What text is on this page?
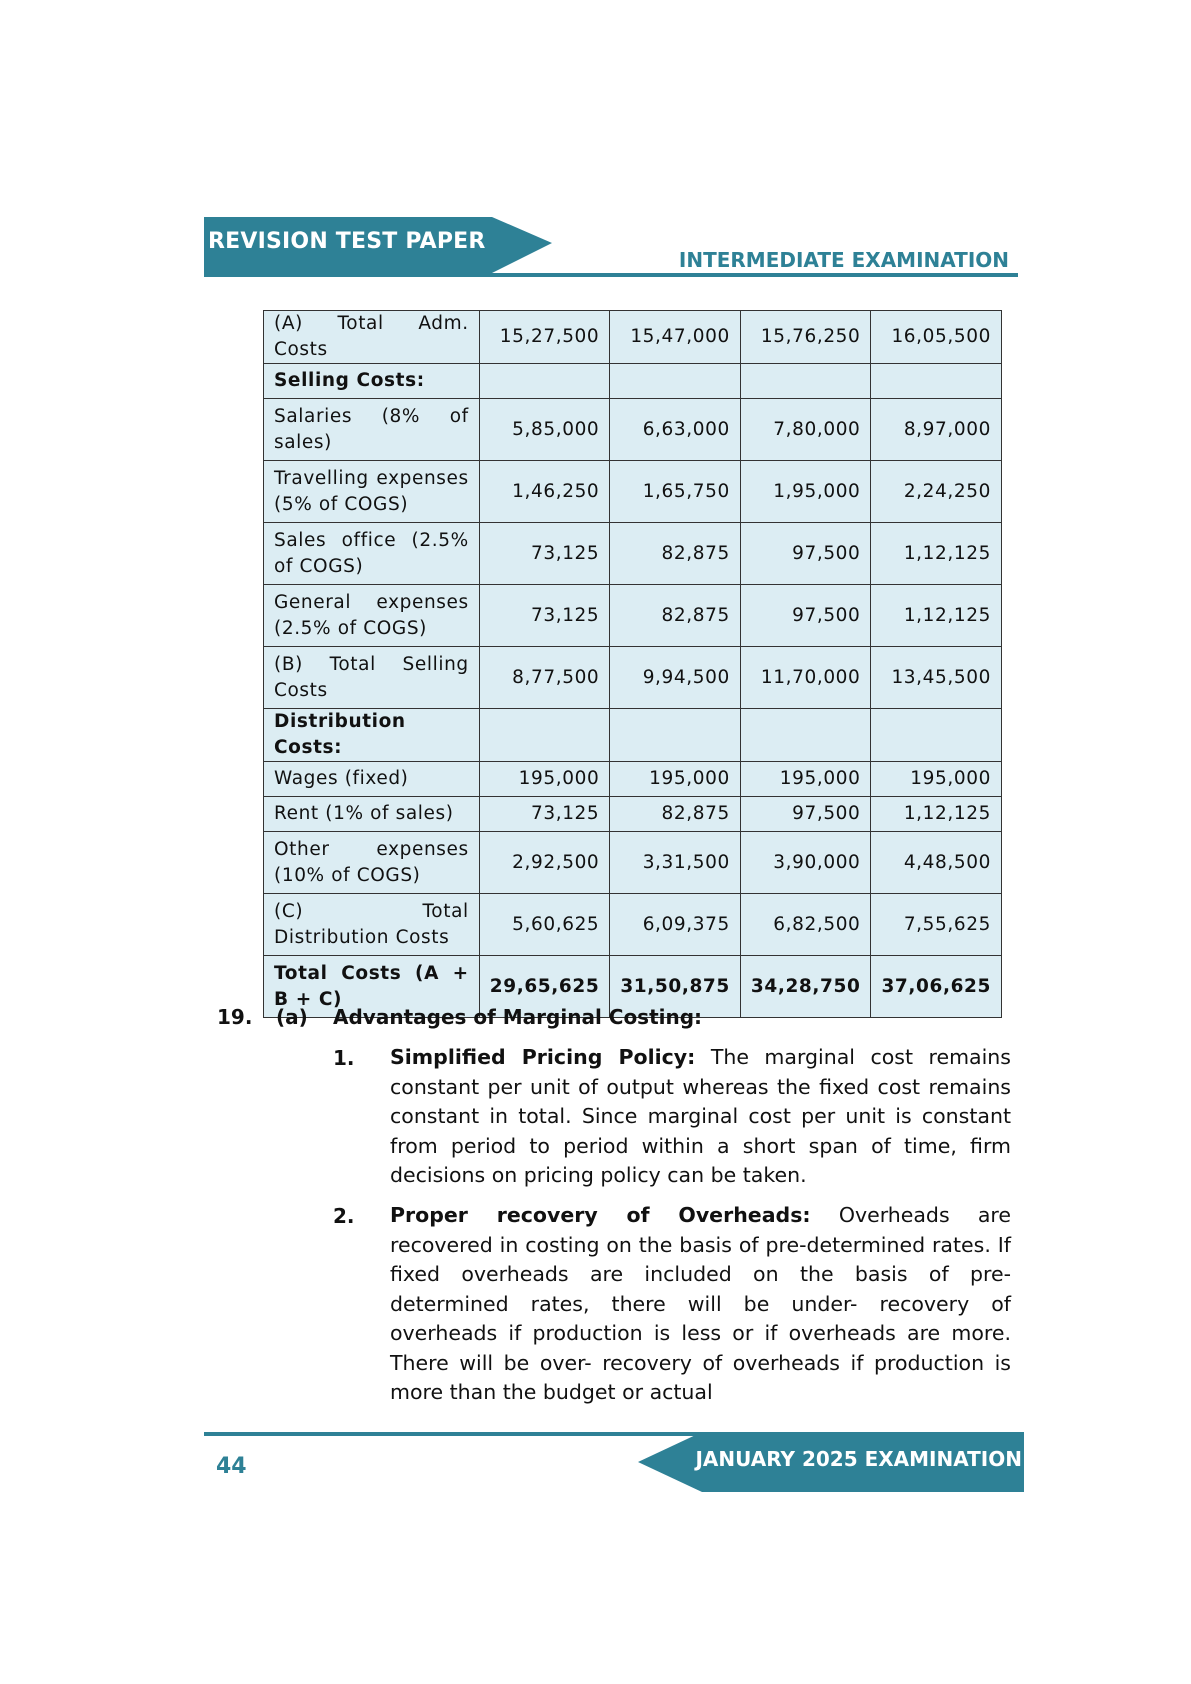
REVISION TEST PAPER
INTERMEDIATE EXAMINATION
(A) Total Adm. Costs	15,27,500	15,47,000	15,76,250	16,05,500
Selling Costs:				
Salaries (8% of sales)	5,85,000	6,63,000	7,80,000	8,97,000
Travelling expenses (5% of COGS)	1,46,250	1,65,750	1,95,000	2,24,250
Sales office (2.5% of COGS)	73,125	82,875	97,500	1,12,125
General expenses (2.5% of COGS)	73,125	82,875	97,500	1,12,125
(B) Total Selling Costs	8,77,500	9,94,500	11,70,000	13,45,500
Distribution Costs:				
Wages (fixed)	195,000	195,000	195,000	195,000
Rent (1% of sales)	73,125	82,875	97,500	1,12,125
Other expenses (10% of COGS)	2,92,500	3,31,500	3,90,000	4,48,500
(C) Total Distribution Costs	5,60,625	6,09,375	6,82,500	7,55,625
Total Costs (A + B + C)	29,65,625	31,50,875	34,28,750	37,06,625
19. (a) Advantages of Marginal Costing:
1. Simplified Pricing Policy: The marginal cost remains constant per unit of output whereas the fixed cost remains constant in total. Since marginal cost per unit is constant from period to period within a short span of time, firm decisions on pricing policy can be taken.
2. Proper recovery of Overheads: Overheads are recovered in costing on the basis of pre-determined rates. If fixed overheads are included on the basis of pre-determined rates, there will be under- recovery of overheads if production is less or if overheads are more. There will be over- recovery of overheads if production is more than the budget or actual
JANUARY 2025 EXAMINATION
44
